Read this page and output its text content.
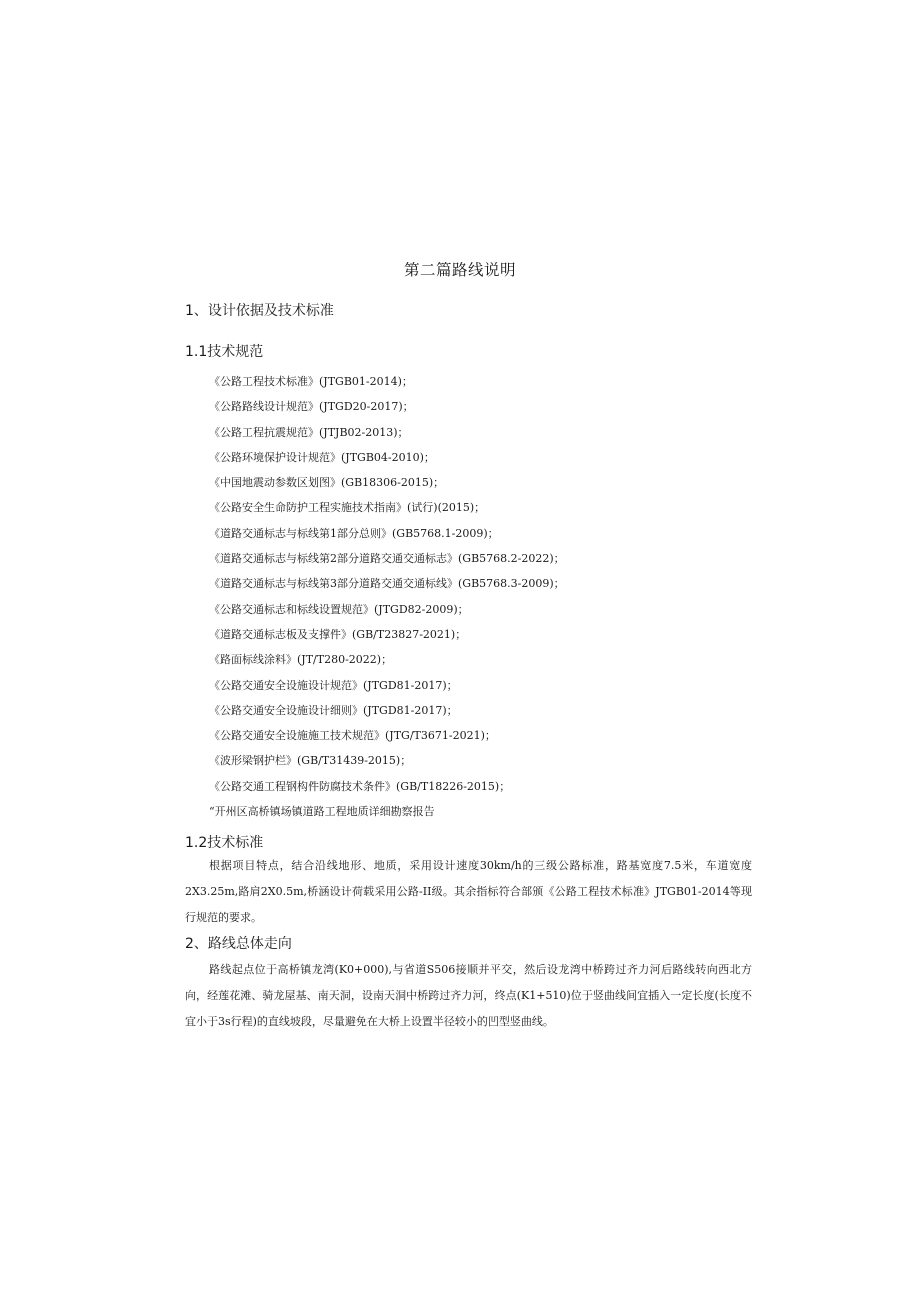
第二篇路线说明
1、设计依据及技术标准
1.1技术规范
《公路工程技术标准》(JTGB01-2014)；
《公路路线设计规范》(JTGD20-2017)；
《公路工程抗震规范》(JTJB02-2013)；
《公路环境保护设计规范》(JTGB04-2010)；
《中国地震动参数区划图》(GB18306-2015)；
《公路安全生命防护工程实施技术指南》(试行)(2015)；
《道路交通标志与标线第1部分总则》(GB5768.1-2009)；
《道路交通标志与标线第2部分道路交通交通标志》(GB5768.2-2022)；
《道路交通标志与标线第3部分道路交通交通标线》(GB5768.3-2009)；
《公路交通标志和标线设置规范》(JTGD82-2009)；
《道路交通标志板及支撑件》(GB/T23827-2021)；
《路面标线涂料》(JT/T280-2022)；
《公路交通安全设施设计规范》(JTGD81-2017)；
《公路交通安全设施设计细则》(JTGD81-2017)；
《公路交通安全设施施工技术规范》(JTG/T3671-2021)；
《波形梁钢护栏》(GB/T31439-2015)；
《公路交通工程钢构件防腐技术条件》(GB/T18226-2015)；
“开州区高桥镇场镇道路工程地质详细勘察报告
1.2技术标准

根据项目特点，结合沿线地形、地质，采用设计速度30km/h的三级公路标准，路基宽度7.5米，车道宽度2X3.25m,路肩2X0.5m,桥涵设计荷载采用公路-II级。其余指标符合部颁《公路工程技术标准》JTGB01-2014等现行规范的要求。

2、路线总体走向

路线起点位于高桥镇龙湾(K0+000),与省道S506接顺并平交，然后设龙湾中桥跨过齐力河后路线转向西北方向，经莲花滩、骑龙屋基、南天洞，设南天洞中桥跨过齐力河，终点(K1+510)位于竖曲线间宜插入一定长度(长度不宜小于3s行程)的直线坡段，尽量避免在大桥上设置半径较小的凹型竖曲线。
